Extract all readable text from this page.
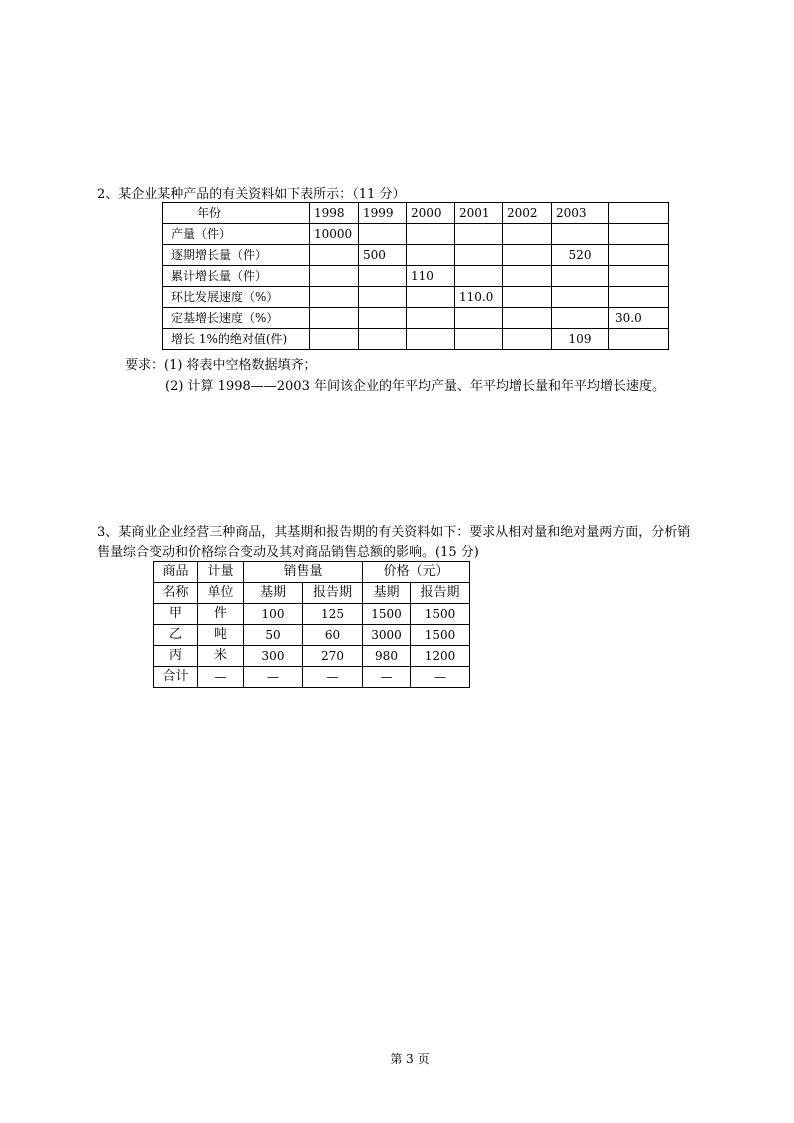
2、某企业某种产品的有关资料如下表所示：（11 分）
年份	1998	1999	2000	2001	2002	2003	
产量（件）	10000						
逐期增长量（件）		500				520	
累计增长量（件）			110				
环比发展速度（%）				110.0			
定基增长速度（%）							30.0
增长 1%的绝对值(件)						109	
要求：(1) 将表中空格数据填齐；
(2) 计算 1998——2003 年间该企业的年平均产量、年平均增长量和年平均增长速度。
3、某商业企业经营三种商品，其基期和报告期的有关资料如下：要求从相对量和绝对量两方面，分析销
售量综合变动和价格综合变动及其对商品销售总额的影响。(15 分)
商品	计量	销售量		价格（元）	
名称	单位	基期	报告期	基期	报告期
甲	件	100	125	1500	1500
乙	吨	50	60	3000	1500
丙	米	300	270	980	1200
合计	—	—	—	—	—
第 3 页
